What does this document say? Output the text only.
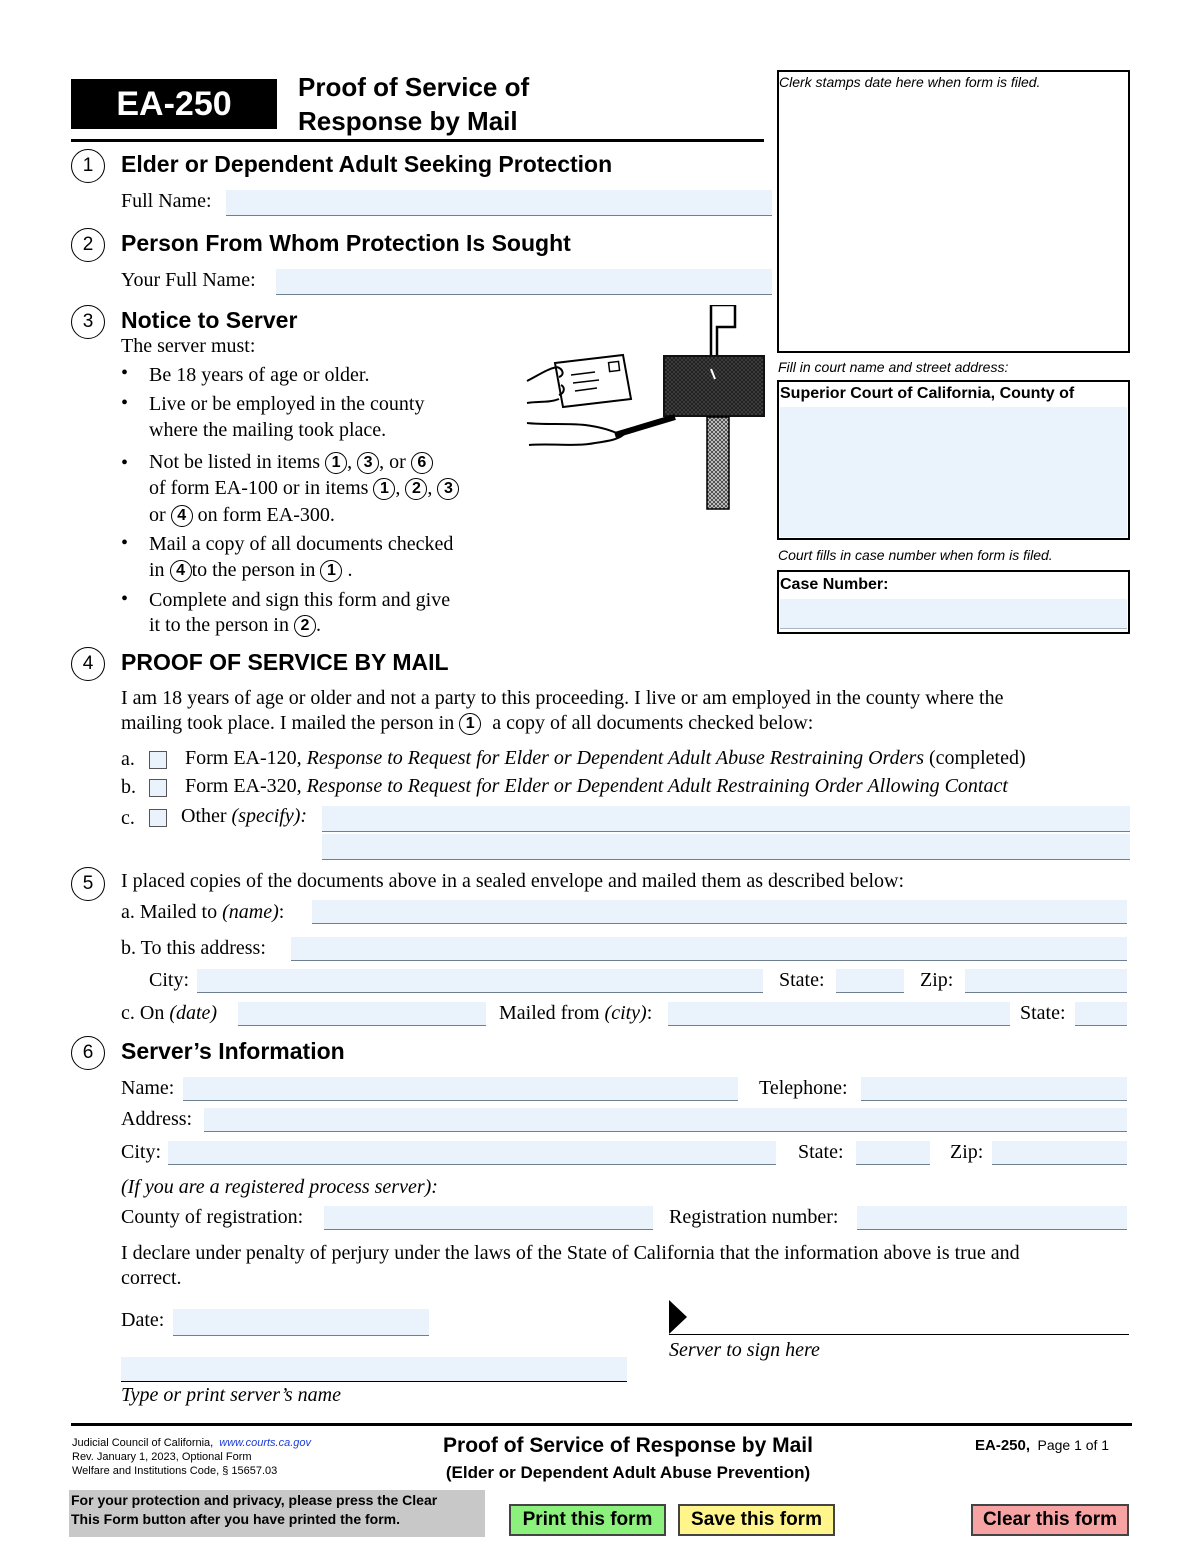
EA-250	Proof of Service of
Response by Mail
Clerk stamps date here when form is filed.
Fill in court name and street address:
Superior Court of California, County of
Court fills in case number when form is filed.
Case Number:
1	Elder or Dependent Adult Seeking Protection
Full Name:
2	Person From Whom Protection Is Sought
Your Full Name:
3	Notice to Server
The server must:
• Be 18 years of age or older.
• Live or be employed in the county
where the mailing took place.
• Not be listed in items 1 , 3 , or 6
of form EA-100 or in items 1 , 2 , 3
or 4 on form EA-300.
• Mail a copy of all documents checked
in 4 to the person in 1 .
• Complete and sign this form and give
it to the person in 2 .
4	PROOF OF SERVICE BY MAIL
I am 18 years of age or older and not a party to this proceeding. I live or am employed in the county where the
mailing took place. I mailed the person in 1 a copy of all documents checked below:
a.	Form EA-120, Response to Request for Elder or Dependent Adult Abuse Restraining Orders (completed)
b. Form EA-320, Response to Request for Elder or Dependent Adult Restraining Order Allowing Contact
c. Other (specify):
5	I placed copies of the documents above in a sealed envelope and mailed them as described below:
a. Mailed to (name):
b. To this address:
City:	State:	Zip:
c. On (date)	Mailed from (city):	State:
6	Server’s Information
Name:	Telephone:
Address:
City:	State:	Zip:
(If you are a registered process server):
County of registration:	Registration number:
I declare under penalty of perjury under the laws of the State of California that the information above is true and
correct.
Date:
Server to sign here
Type or print server’s name
Judicial Council of California, www.courts.ca.gov
Rev. January 1, 2023, Optional Form
Welfare and Institutions Code, § 15657.03
Proof of Service of Response by Mail
(Elder or Dependent Adult Abuse Prevention)
EA-250, Page 1 of 1
For your protection and privacy, please press the Clear
This Form button after you have printed the form.	Print this form	Save this form	Clear this form
